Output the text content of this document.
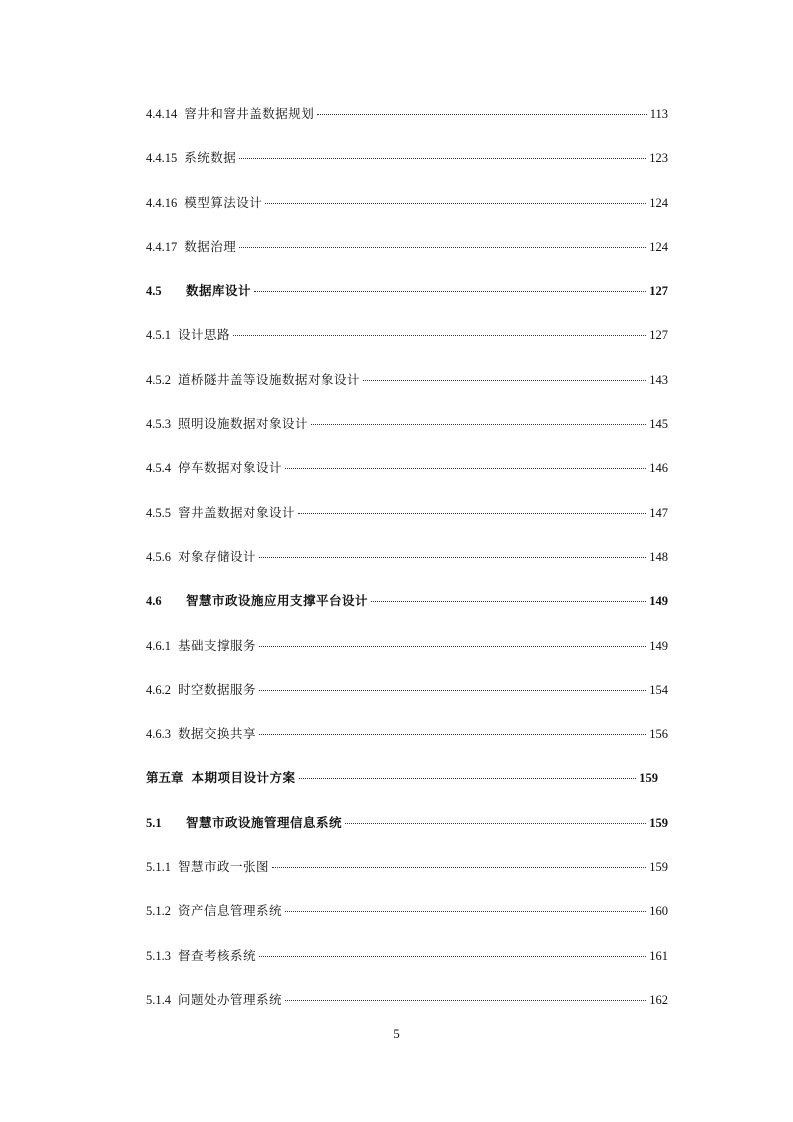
4.4.14 窨井和窨井盖数据规划	113
4.4.15 系统数据	123
4.4.16 模型算法设计	124
4.4.17 数据治理	124
4.5	数据库设计	127
4.5.1 设计思路	127
4.5.2 道桥隧井盖等设施数据对象设计	143
4.5.3 照明设施数据对象设计	145
4.5.4 停车数据对象设计	146
4.5.5 窨井盖数据对象设计	147
4.5.6 对象存储设计	148
4.6	智慧市政设施应用支撑平台设计	149
4.6.1 基础支撑服务	149
4.6.2 时空数据服务	154
4.6.3 数据交换共享	156
第五章 本期项目设计方案	159
5.1	智慧市政设施管理信息系统	159
5.1.1 智慧市政一张图	159
5.1.2 资产信息管理系统	160
5.1.3 督查考核系统	161
5.1.4 问题处办管理系统	162
5
